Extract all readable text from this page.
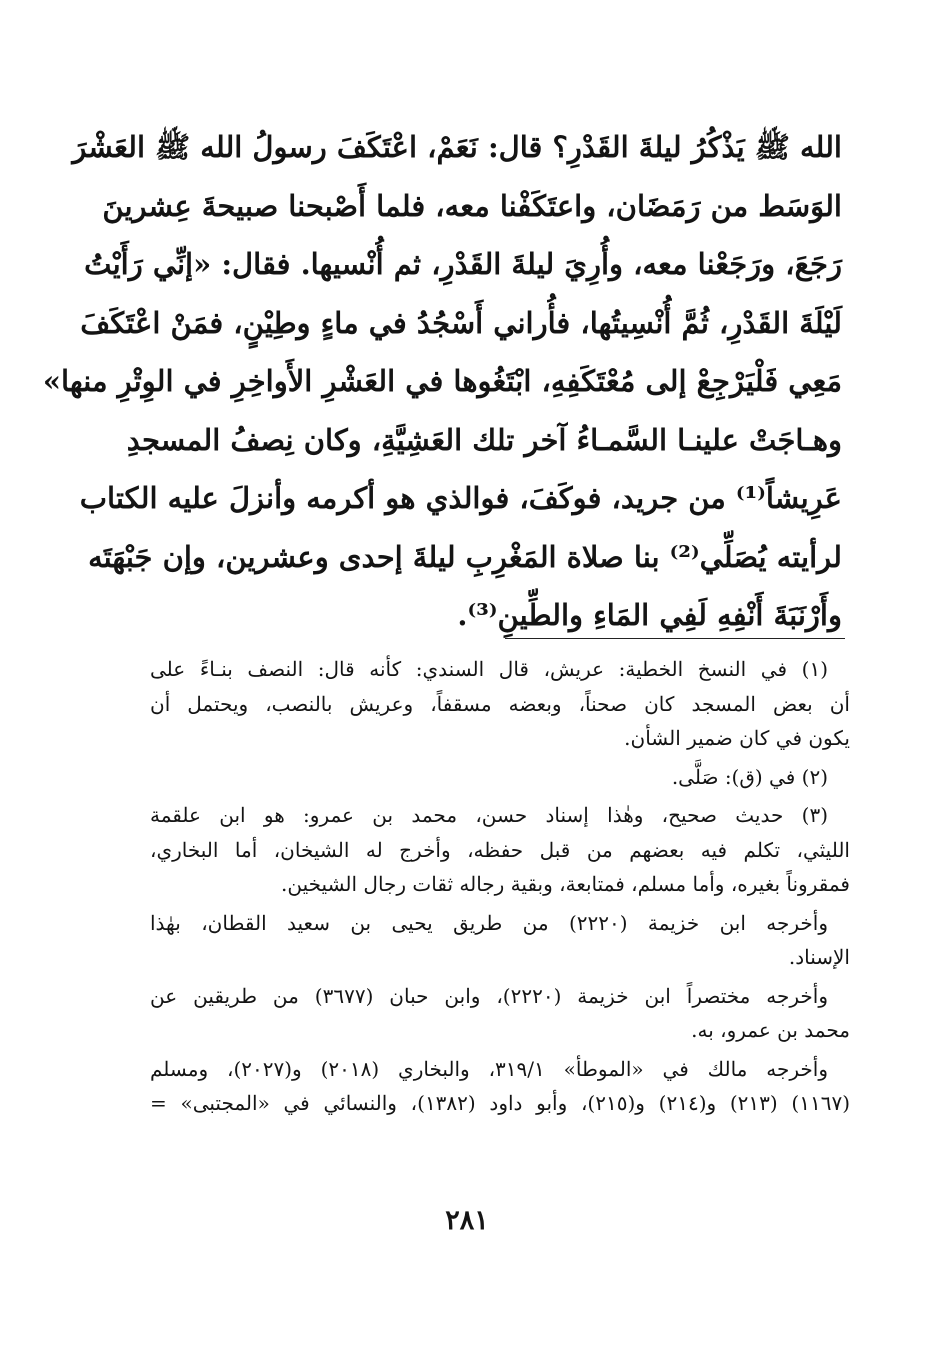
الله ﷺ يَذْكُرُ ليلةَ القَدْرِ؟ قال: نَعَمْ، اعْتَكَفَ رسولُ الله ﷺ العَشْرَ
الوَسَط من رَمَضَان، واعتَكَفْنا معه، فلما أَصْبحنا صبيحةَ عِشرينَ
رَجَعَ، ورَجَعْنا معه، وأُرِيَ ليلةَ القَدْرِ، ثم أُنْسيها. فقال: «إنِّي رَأَيْتُ
لَيْلَةَ القَدْرِ، ثُمَّ أُنْسِيتُها، فأُراني أَسْجُدُ في ماءٍ وطِيْنٍ، فمَنْ اعْتَكَفَ
مَعِي فَلْيَرْجِعْ إلى مُعْتَكَفِهِ، ابْتَغُوها في العَشْرِ الأَواخِرِ في الوِتْرِ منها»
وهـاجَتْ علينـا السَّمـاءُ آخر تلك العَشِيَّةِ، وكان نِصفُ المسجدِ
عَرِيشاً⁽¹⁾ من جريد، فوكَفَ، فوالذي هو أكرمه وأنزلَ عليه الكتاب
لرأيته يُصَلِّي⁽²⁾ بنا صلاة المَغْرِبِ ليلةَ إحدى وعشرين، وإن جَبْهَتَه
وأَرْنَبَةَ أَنْفِهِ لَفِي المَاءِ والطِّينِ⁽³⁾.
(١) في النسخ الخطية: عريش، قال السندي: كأنه قال: النصف بنـاءً على
أن بعض المسجد كان صحناً، وبعضه مسقفاً، وعريش بالنصب، ويحتمل أن
يكون في كان ضمير الشأن.
(٢) في (ق): صَلَّى.
(٣) حديث صحيح، وهٰذا إسناد حسن، محمد بن عمرو: هو ابن علقمة
الليثي، تكلم فيه بعضهم من قبل حفظه، وأخرج له الشيخان، أما البخاري،
فمقروناً بغيره، وأما مسلم، فمتابعة، وبقية رجاله ثقات رجال الشيخين.
وأخرجه ابن خزيمة (٢٢٢٠) من طريق يحيى بن سعيد القطان، بهٰذا
الإسناد.
وأخرجه مختصراً ابن خزيمة (٢٢٢٠)، وابن حبان (٣٦٧٧) من طريقين عن
محمد بن عمرو، به.
وأخرجه مالك في «الموطأ» ٣١٩/١، والبخاري (٢٠١٨) و(٢٠٢٧)، ومسلم
(١١٦٧) (٢١٣) و(٢١٤) و(٢١٥)، وأبو داود (١٣٨٢)، والنسائي في «المجتبى» =
٢٨١
